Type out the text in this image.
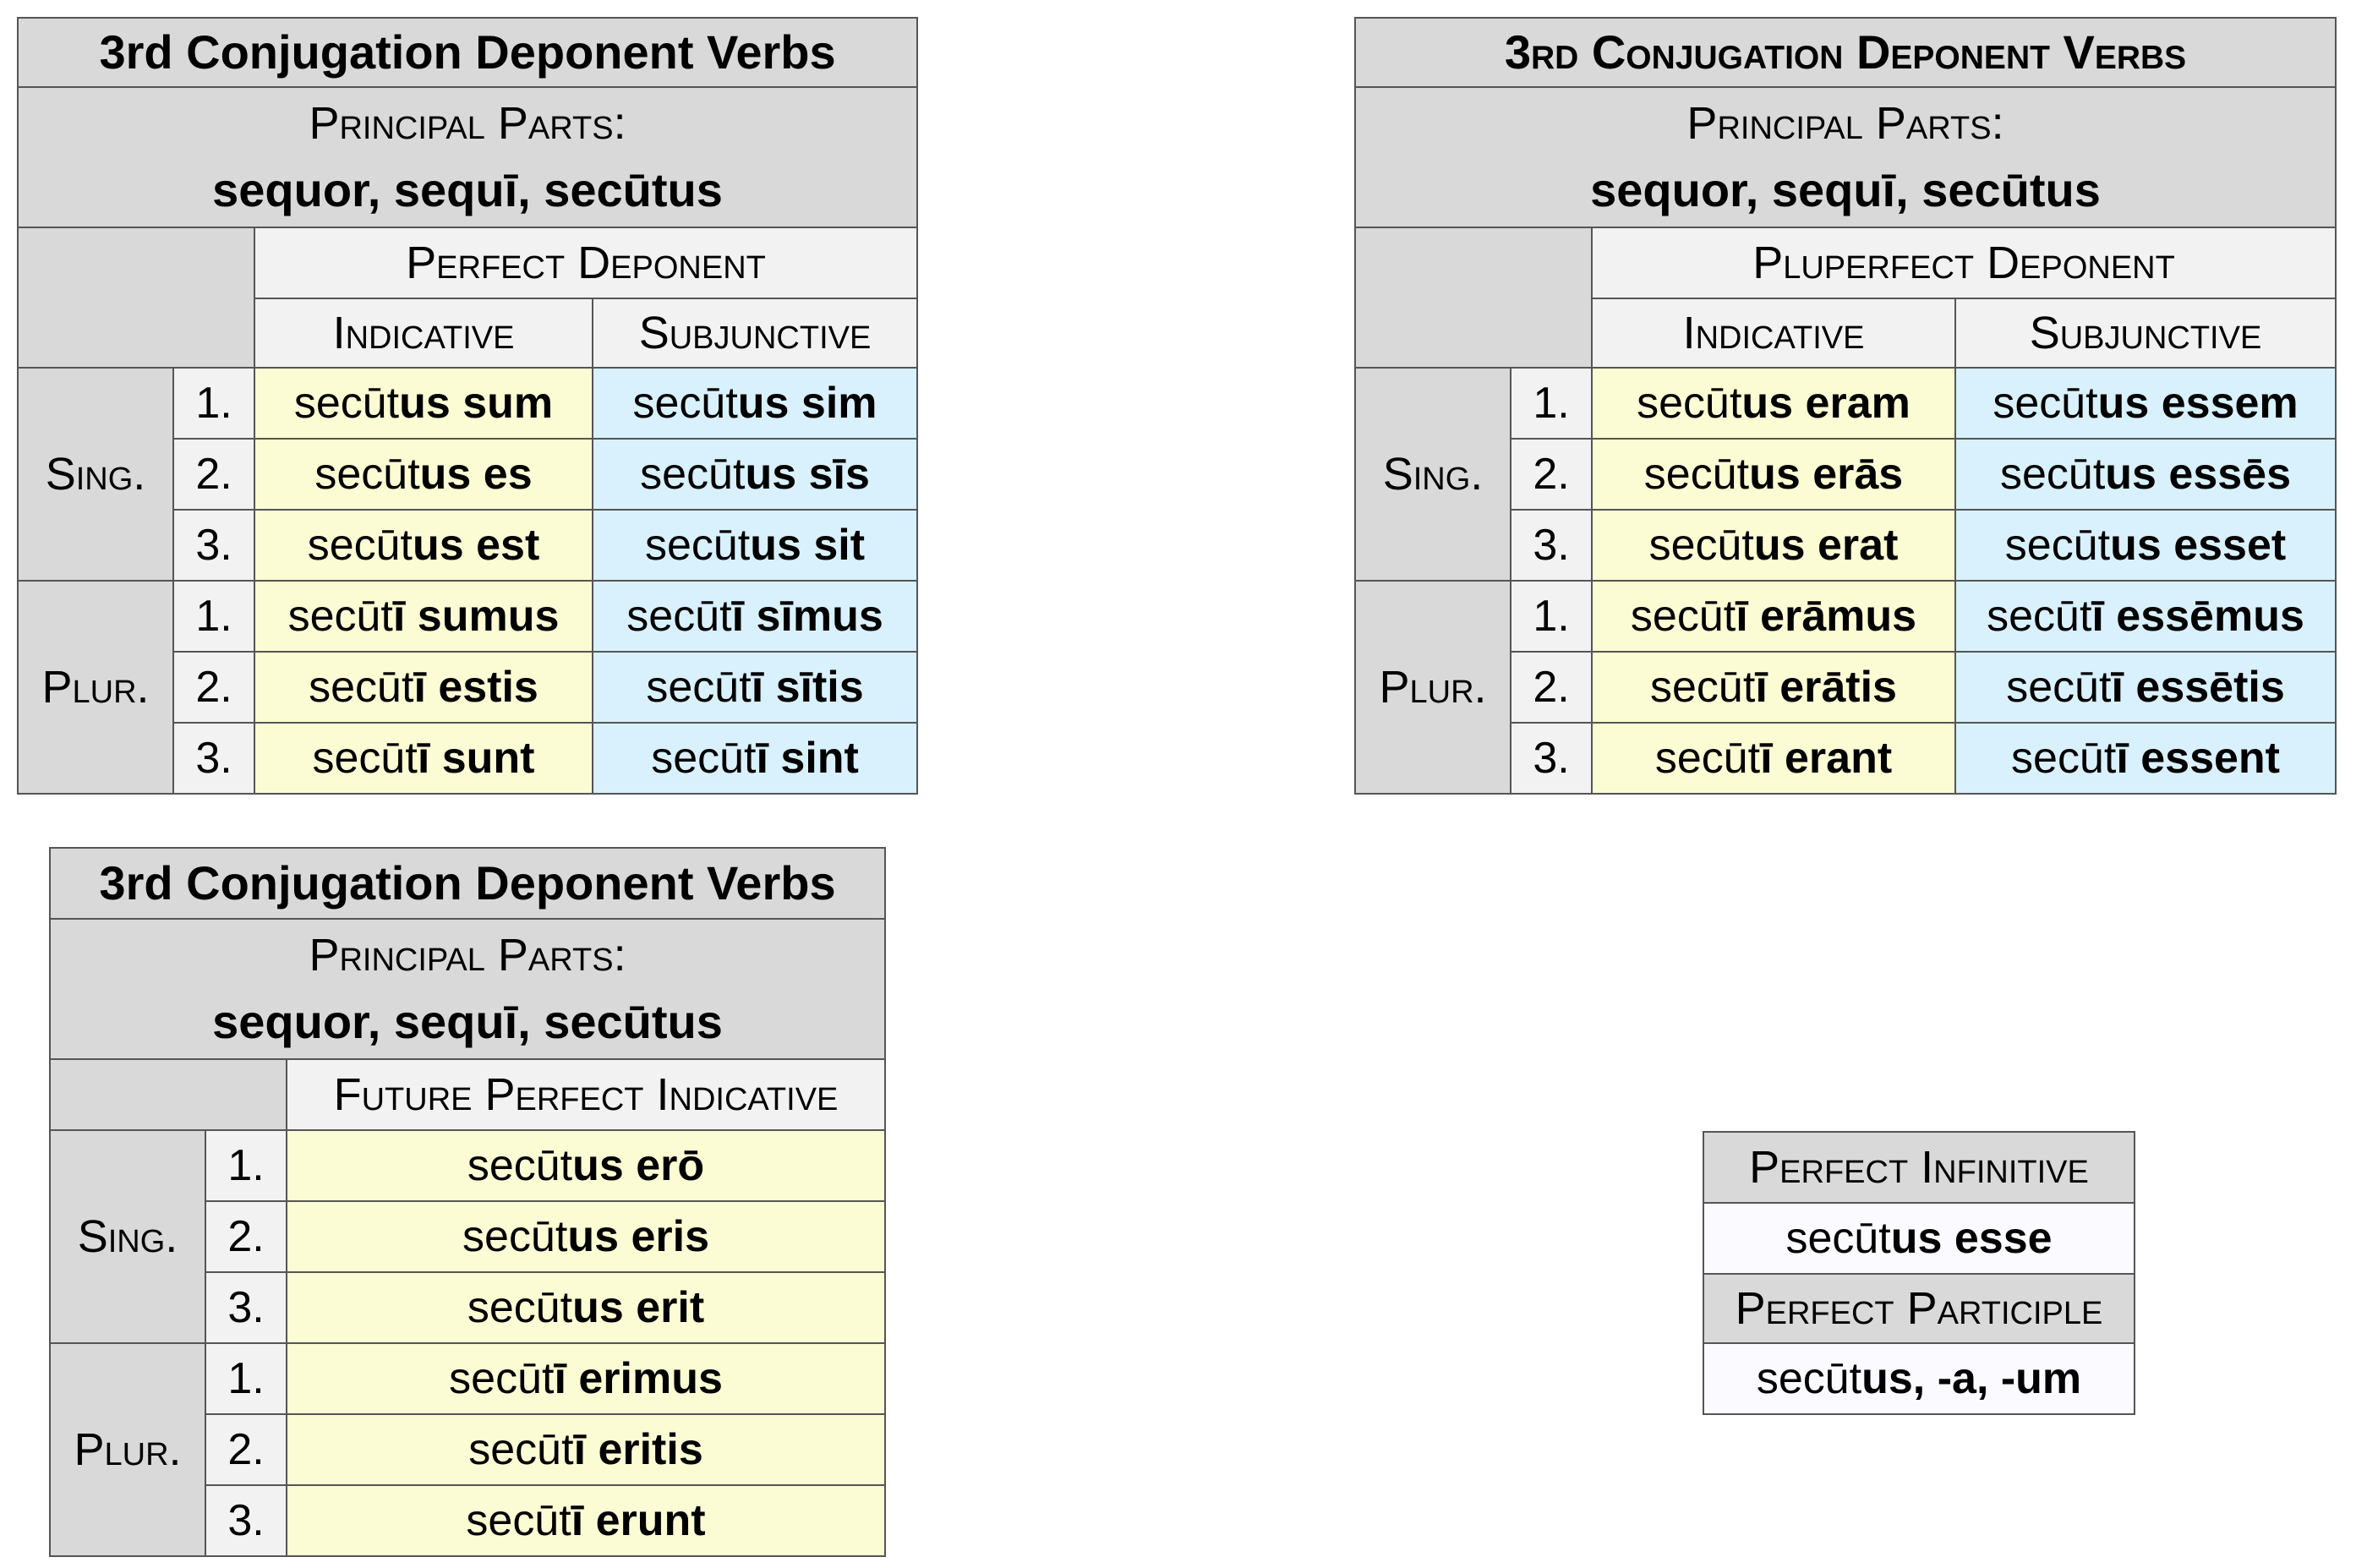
3rd Conjugation Deponent Verbs			

Principal Parts:
sequor, sequī, secūtus			

		Perfect Deponent	
		Indicative	Subjunctive
Sing.	1.	secūtus sum	secūtus sim
	2.	secūtus es	secūtus sīs
	3.	secūtus est	secūtus sit
Plur.	1.	secūtī sumus	secūtī sīmus
	2.	secūtī estis	secūtī sītis
	3.	secūtī sunt	secūtī sint
3rd Conjugation Deponent Verbs			

Principal Parts:
sequor, sequī, secūtus			

		Pluperfect Deponent	
		Indicative	Subjunctive
Sing.	1.	secūtus eram	secūtus essem
	2.	secūtus erās	secūtus essēs
	3.	secūtus erat	secūtus esset
Plur.	1.	secūtī erāmus	secūtī essēmus
	2.	secūtī erātis	secūtī essētis
	3.	secūtī erant	secūtī essent
3rd Conjugation Deponent Verbs		

Principal Parts:
sequor, sequī, secūtus		

		Future Perfect Indicative
Sing.	1.	secūtus erō
	2.	secūtus eris
	3.	secūtus erit
Plur.	1.	secūtī erimus
	2.	secūtī eritis
	3.	secūtī erunt
Perfect Infinitive
secūtus esse
Perfect Participle
secūtus, -a, -um
